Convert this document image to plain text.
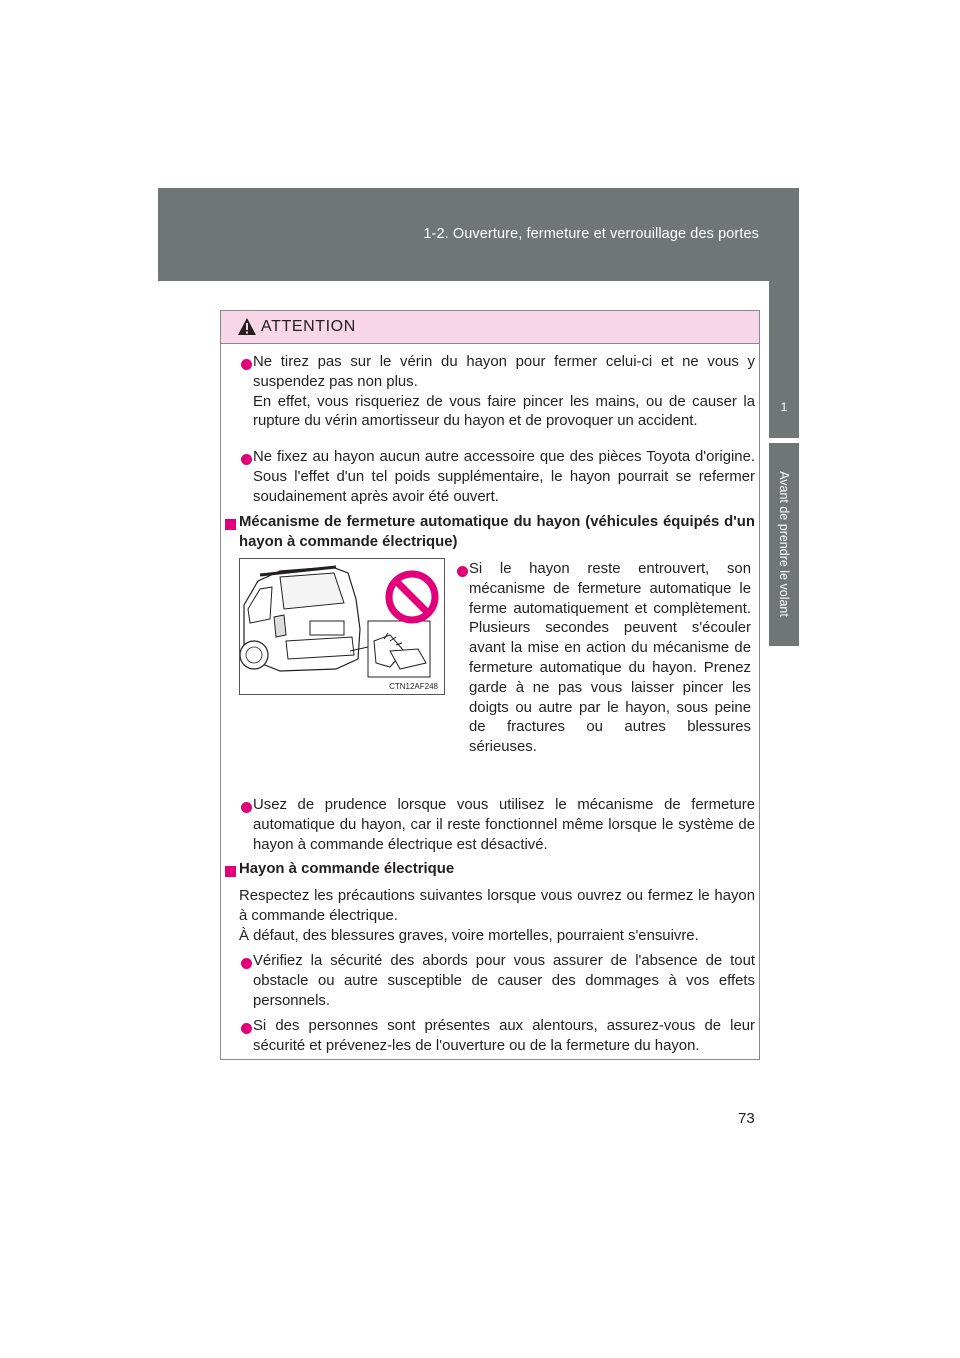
1-2. Ouverture, fermeture et verrouillage des portes
1
Avant de prendre le volant
ATTENTION

Ne tirez pas sur le vérin du hayon pour fermer celui-ci et ne vous y suspendez pas non plus.

En effet, vous risqueriez de vous faire pincer les mains, ou de causer la rupture du vérin amortisseur du hayon et de provoquer un accident.

Ne fixez au hayon aucun autre accessoire que des pièces Toyota d'origine. Sous l'effet d'un tel poids supplémentaire, le hayon pourrait se refermer soudainement après avoir été ouvert.

Mécanisme de fermeture automatique du hayon (véhicules équipés d'un hayon à commande électrique)
CTN12AF248
Si le hayon reste entrouvert, son mécanisme de fermeture automatique le ferme automatiquement et complètement. Plusieurs secondes peuvent s'écouler avant la mise en action du mécanisme de fermeture automatique du hayon. Prenez garde à ne pas vous laisser pincer les doigts ou autre par le hayon, sous peine de fractures ou autres blessures sérieuses.
Usez de prudence lorsque vous utilisez le mécanisme de fermeture automatique du hayon, car il reste fonctionnel même lorsque le système de hayon à commande électrique est désactivé.
Hayon à commande électrique

Respectez les précautions suivantes lorsque vous ouvrez ou fermez le hayon à commande électrique.

À défaut, des blessures graves, voire mortelles, pourraient s'ensuivre.

Vérifiez la sécurité des abords pour vous assurer de l'absence de tout obstacle ou autre susceptible de causer des dommages à vos effets personnels.
Si des personnes sont présentes aux alentours, assurez-vous de leur sécurité et prévenez-les de l'ouverture ou de la fermeture du hayon.
73
